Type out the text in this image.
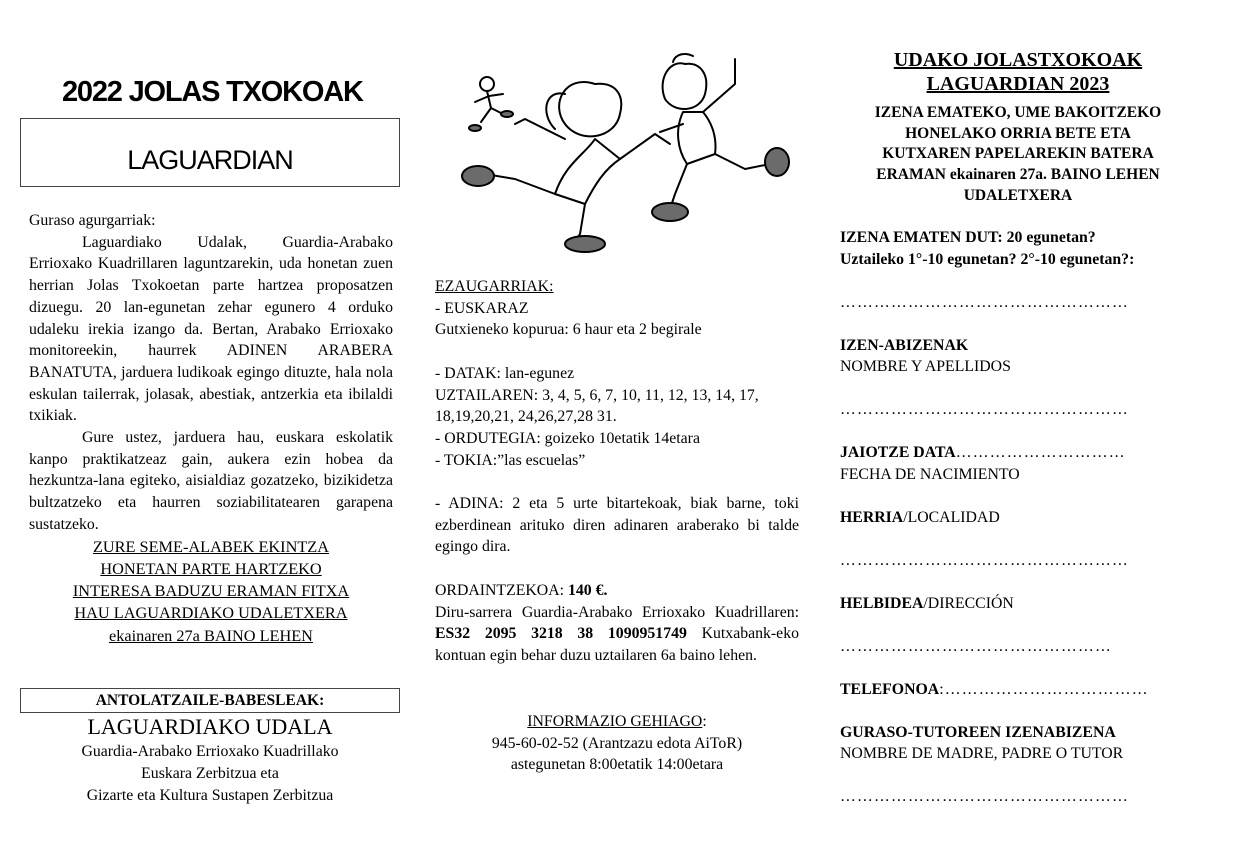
2022 JOLAS TXOKOAK
LAGUARDIAN

Guraso agurgarriak:

Laguardiako Udalak, Guardia-Arabako Errioxako Kuadrillaren laguntzarekin, uda honetan zuen herrian Jolas Txokoetan parte hartzea proposatzen dizuegu. 20 lan-egunetan zehar egunero 4 orduko udaleku irekia izango da. Bertan, Arabako Errioxako monitoreekin, haurrek ADINEN ARABERA BANATUTA, jarduera ludikoak egingo dituzte, hala nola eskulan tailerrak, jolasak, abestiak, antzerkia eta ibilaldi txikiak.

Gure ustez, jarduera hau, euskara eskolatik kanpo praktikatzeaz gain, aukera ezin hobea da hezkuntza-lana egiteko, aisialdiaz gozatzeko, bizikidetza bultzatzeko eta haurren soziabilitatearen garapena sustatzeko.

ZURE SEME-ALABEK EKINTZA
HONETAN PARTE HARTZEKO
INTERESA BADUZU ERAMAN FITXA
HAU LAGUARDIAKO UDALETXERA
ekainaren 27a BAINO LEHEN
ANTOLATZAILE-BABESLEAK:
LAGUARDIAKO UDALA
Guardia-Arabako Errioxako Kuadrillako
Euskara Zerbitzua eta
Gizarte eta Kultura Sustapen Zerbitzua

EZAUGARRIAK:

- EUSKARAZ

Gutxieneko kopurua: 6 haur eta 2 begirale

- DATAK: lan-egunez

UZTAILAREN: 3, 4, 5, 6, 7, 10, 11, 12, 13, 14, 17, 18,19,20,21, 24,26,27,28 31.

- ORDUTEGIA: goizeko 10etatik 14etara

- TOKIA:”las escuelas”

- ADINA: 2 eta 5 urte bitartekoak, biak barne, toki ezberdinean arituko diren adinaren araberako bi talde egingo dira.

ORDAINTZEKOA: 140 €.

Diru-sarrera Guardia-Arabako Errioxako Kuadrillaren: ES32 2095 3218 38 1090951749 Kutxabank-eko kontuan egin behar duzu uztailaren 6a baino lehen.

INFORMAZIO GEHIAGO:
945-60-02-52 (Arantzazu edota AiToR)
astegunetan 8:00etatik 14:00etara
UDAKO JOLASTXOKOAK
LAGUARDIAN 2023
IZENA EMATEKO, UME BAKOITZEKO
HONELAKO ORRIA BETE ETA
KUTXAREN PAPELAREKIN BATERA
ERAMAN ekainaren 27a. BAINO LEHEN
UDALETXERA
IZENA EMATEN DUT: 20 egunetan?
Uztaileko 1°-10 egunetan? 2°-10 egunetan?:
……………………………………………
IZEN-ABIZENAK
NOMBRE Y APELLIDOS
……………………………………………
JAIOTZE DATA…………………………
FECHA DE NACIMIENTO
HERRIA/LOCALIDAD
……………………………………………
HELBIDEA/DIRECCIÓN
…………………………………………
TELEFONOA:………………………………
GURASO-TUTOREEN IZENABIZENA
NOMBRE DE MADRE, PADRE O TUTOR
……………………………………………
